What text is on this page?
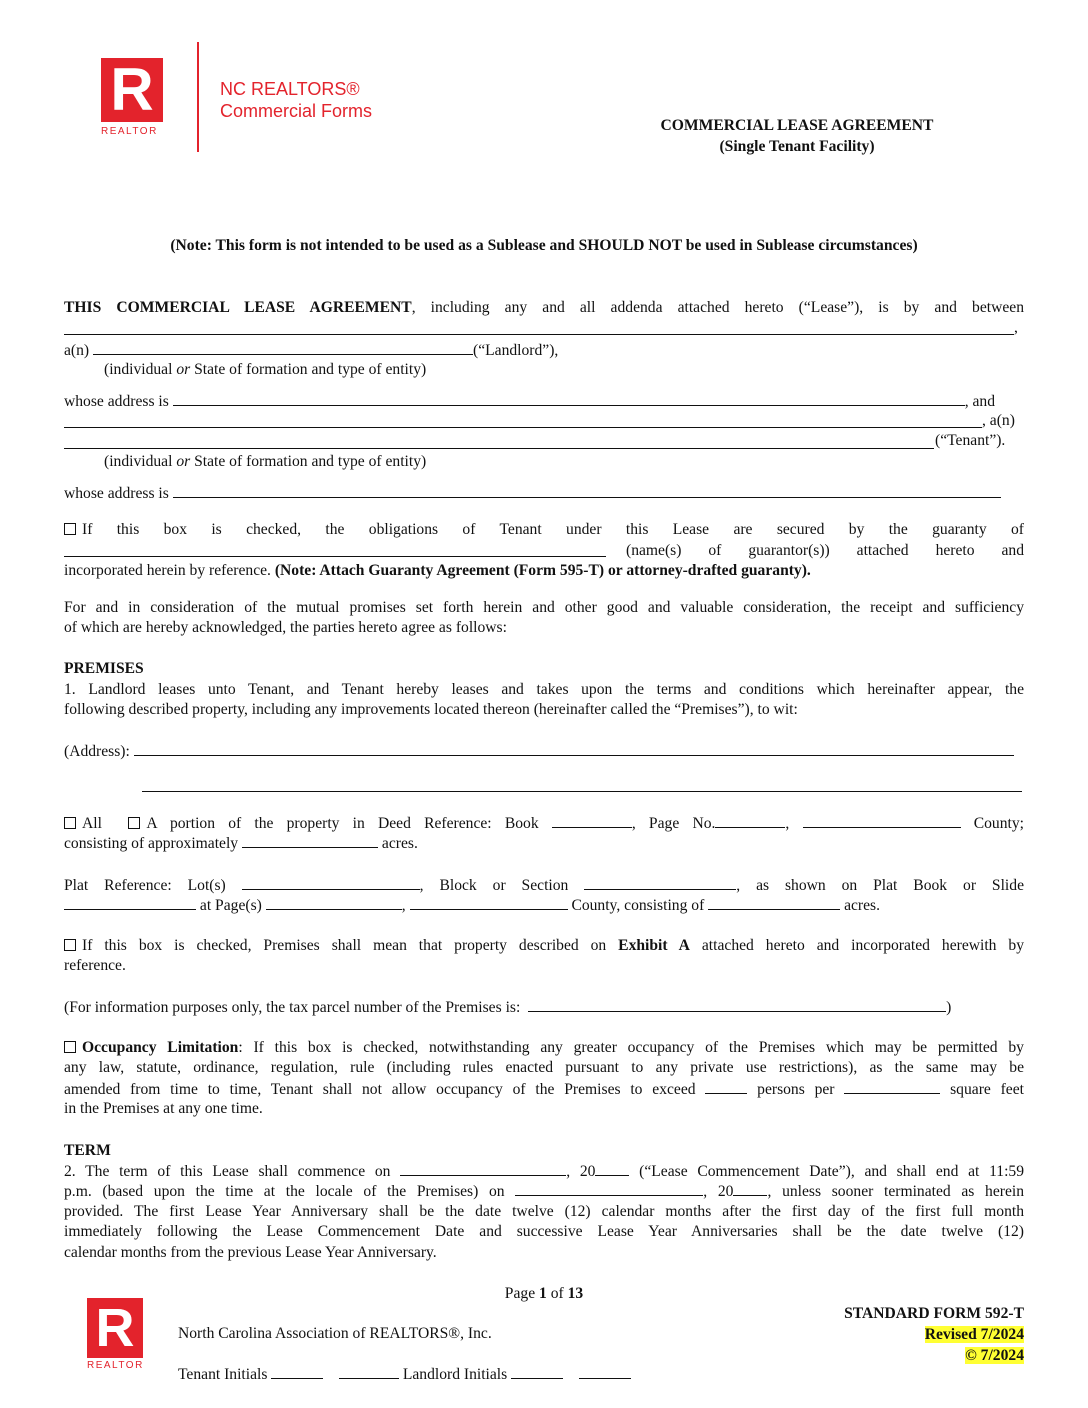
R
REALTOR
NC REALTORS®
Commercial Forms
COMMERCIAL LEASE AGREEMENT
(Single Tenant Facility)
(Note: This form is not intended to be used as a Sublease and SHOULD NOT be used in Sublease circumstances)
THIS COMMERCIAL LEASE AGREEMENT, including any and all addenda attached hereto (“Lease”), is by and between
,
a(n)	(“Landlord”),
(individual or State of formation and type of entity)
whose address is	, and
, a(n)
(“Tenant”).
(individual or State of formation and type of entity)
whose address is
If this box is checked, the obligations of Tenant under this Lease are secured by the guaranty of
(name(s) of guarantor(s)) attached hereto and
incorporated herein by reference. (Note: Attach Guaranty Agreement (Form 595-T) or attorney-drafted guaranty).
For and in consideration of the mutual promises set forth herein and other good and valuable consideration, the receipt and sufficiency
of which are hereby acknowledged, the parties hereto agree as follows:
PREMISES
1. Landlord leases unto Tenant, and Tenant hereby leases and takes upon the terms and conditions which hereinafter appear, the
following described property, including any improvements located thereon (hereinafter called the “Premises”), to wit:
(Address):
All	A portion of the property in Deed Reference: Book	, Page No.	,	County;
consisting of approximately	acres.
Plat Reference: Lot(s)	, Block or Section	, as shown on Plat Book or Slide
at Page(s)	,	County, consisting of	acres.
If this box is checked, Premises shall mean that property described on Exhibit A attached hereto and incorporated herewith by
reference.
(For information purposes only, the tax parcel number of the Premises is:	)
Occupancy Limitation: If this box is checked, notwithstanding any greater occupancy of the Premises which may be permitted by
any law, statute, ordinance, regulation, rule (including rules enacted pursuant to any private use restrictions), as the same may be
amended from time to time, Tenant shall not allow occupancy of the Premises to exceed	persons per	square feet
in the Premises at any one time.
TERM
2. The term of this Lease shall commence on	, 20 (“Lease Commencement Date”), and shall end at 11:59
p.m. (based upon the time at the locale of the Premises) on	, 20 , unless sooner terminated as herein
provided. The first Lease Year Anniversary shall be the date twelve (12) calendar months after the first day of the first full month
immediately following the Lease Commencement Date and successive Lease Year Anniversaries shall be the date twelve (12)
calendar months from the previous Lease Year Anniversary.
Page 1 of 13
R
REALTOR
North Carolina Association of REALTORS®, Inc.
Tenant Initials	Landlord Initials
STANDARD FORM 592-T
Revised 7/2024
© 7/2024
